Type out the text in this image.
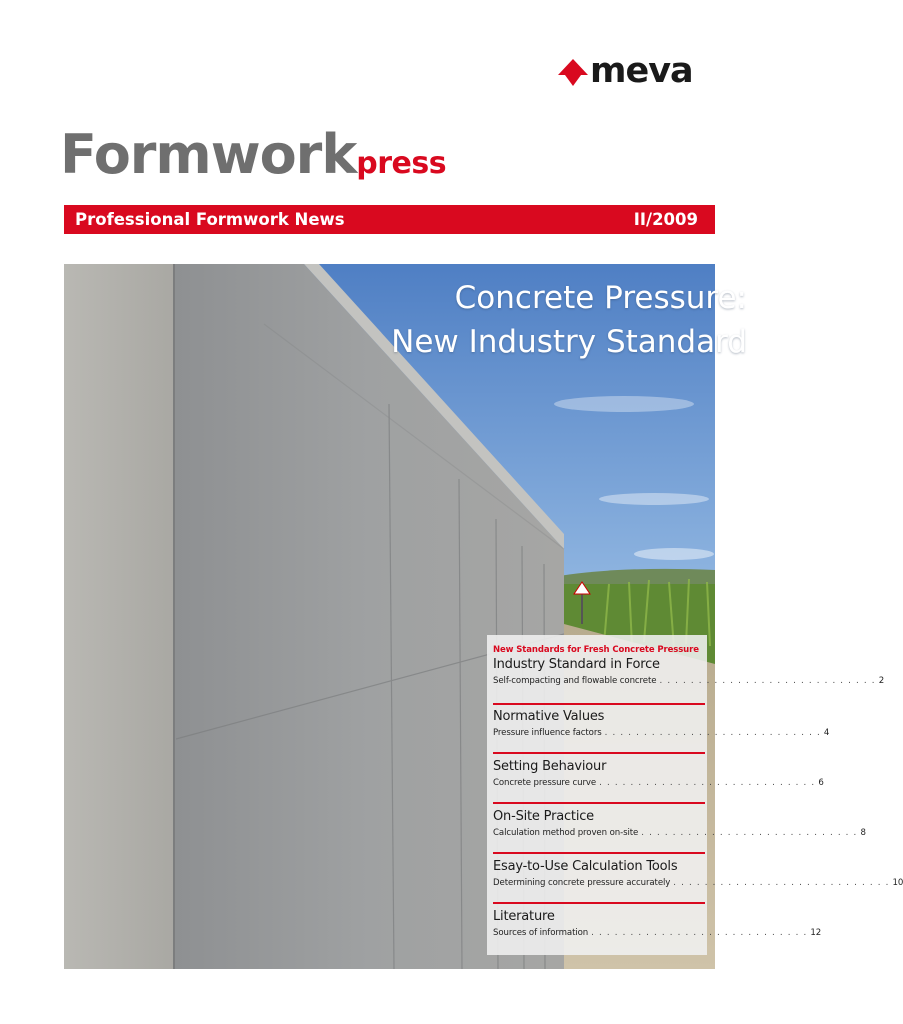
meva
Formwork press
Professional Formwork News	II/2009
Concrete Pressure:
New Industry Standard
New Standards for Fresh Concrete Pressure
Industry Standard in Force
Self-compacting and flowable concrete . . . . . . . . . . . . . . . . . . . . . . . . . . . . 2
Normative Values
Pressure influence factors . . . . . . . . . . . . . . . . . . . . . . . . . . . . 4
Setting Behaviour
Concrete pressure curve . . . . . . . . . . . . . . . . . . . . . . . . . . . . 6
On-Site Practice
Calculation method proven on-site . . . . . . . . . . . . . . . . . . . . . . . . . . . . 8
Esay-to-Use Calculation Tools
Determining concrete pressure accurately . . . . . . . . . . . . . . . . . . . . . . . . . . . . 10
Literature
Sources of information . . . . . . . . . . . . . . . . . . . . . . . . . . . . 12
